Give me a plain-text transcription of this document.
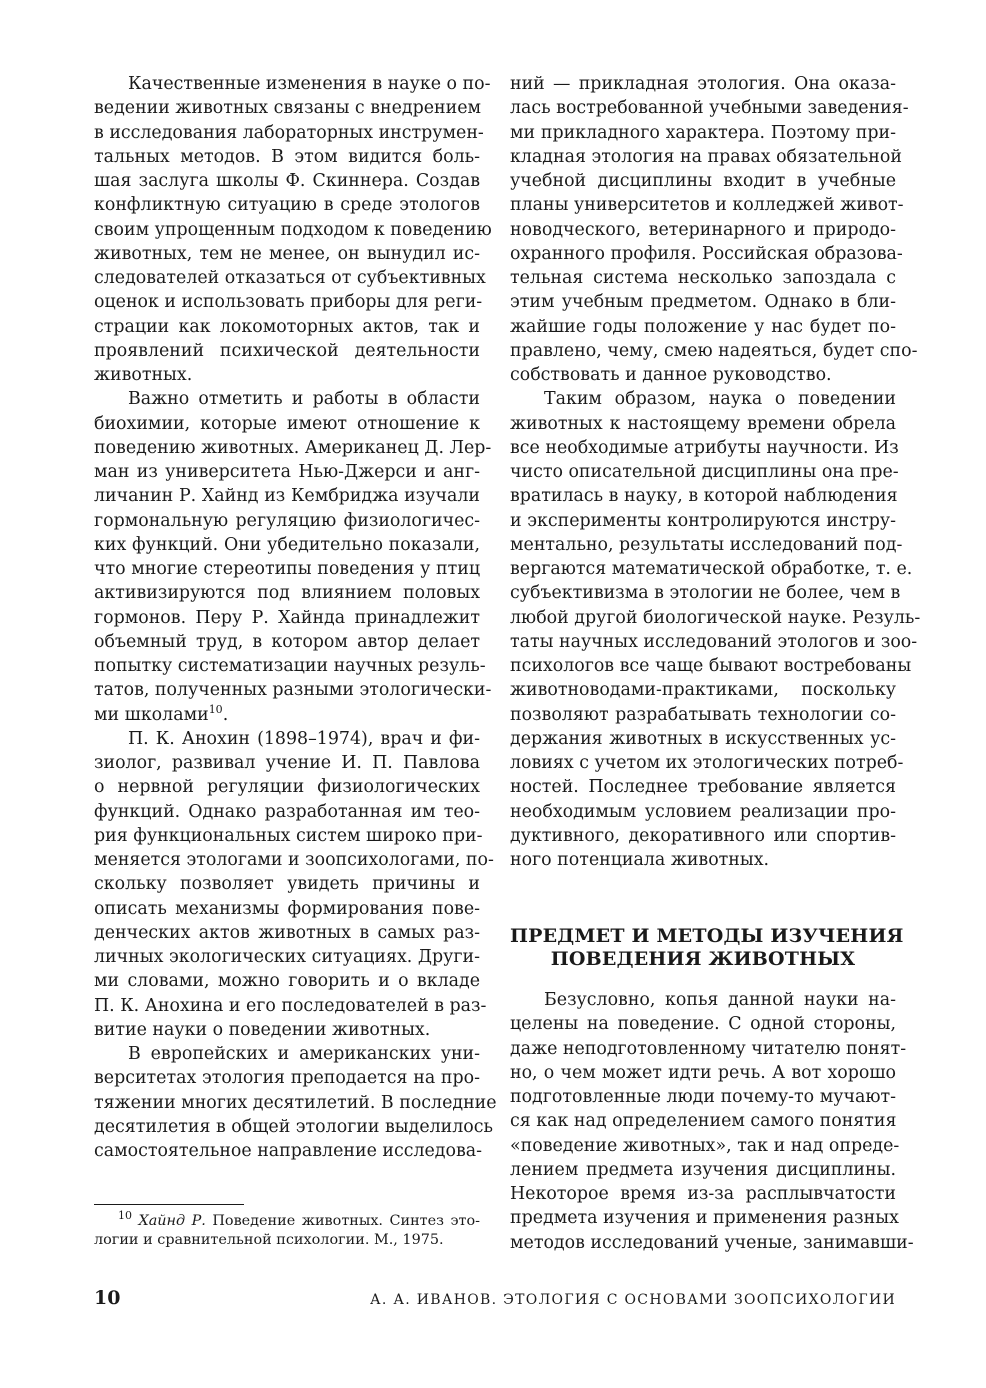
Качественные изменения в науке о по-
ведении животных связаны с внедрением
в исследования лабораторных инструмен-
тальных методов. В этом видится боль-
шая заслуга школы Ф. Скиннера. Создав
конфликтную ситуацию в среде этологов
своим упрощенным подходом к поведению
животных, тем не менее, он вынудил ис-
следователей отказаться от субъективных
оценок и использовать приборы для реги-
страции как локомоторных актов, так и
проявлений психической деятельности
животных.
Важно отметить и работы в области
биохимии, которые имеют отношение к
поведению животных. Американец Д. Лер-
ман из университета Нью-Джерси и анг-
личанин Р. Хайнд из Кембриджа изучали
гормональную регуляцию физиологичес-
ких функций. Они убедительно показали,
что многие стереотипы поведения у птиц
активизируются под влиянием половых
гормонов. Перу Р. Хайнда принадлежит
объемный труд, в котором автор делает
попытку систематизации научных резуль-
татов, полученных разными этологически-
ми школами$^{10}$.
П. К. Анохин (1898–1974), врач и фи-
зиолог, развивал учение И. П. Павлова
о нервной регуляции физиологических
функций. Однако разработанная им тео-
рия функциональных систем широко при-
меняется этологами и зоопсихологами, по-
скольку позволяет увидеть причины и
описать механизмы формирования пове-
денческих актов животных в самых раз-
личных экологических ситуациях. Други-
ми словами, можно говорить и о вкладе
П. К. Анохина и его последователей в раз-
витие науки о поведении животных.
В европейских и американских уни-
верситетах этология преподается на про-
тяжении многих десятилетий. В последние
десятилетия в общей этологии выделилось
самостоятельное направление исследова-
ний — прикладная этология. Она оказа-
лась востребованной учебными заведения-
ми прикладного характера. Поэтому при-
кладная этология на правах обязательной
учебной дисциплины входит в учебные
планы университетов и колледжей живот-
новодческого, ветеринарного и природо-
охранного профиля. Российская образова-
тельная система несколько запоздала с
этим учебным предметом. Однако в бли-
жайшие годы положение у нас будет по-
правлено, чему, смею надеяться, будет спо-
собствовать и данное руководство.
Таким образом, наука о поведении
животных к настоящему времени обрела
все необходимые атрибуты научности. Из
чисто описательной дисциплины она пре-
вратилась в науку, в которой наблюдения
и эксперименты контролируются инстру-
ментально, результаты исследований под-
вергаются математической обработке, т. е.
субъективизма в этологии не более, чем в
любой другой биологической науке. Резуль-
таты научных исследований этологов и зоо-
психологов все чаще бывают востребованы
животноводами-практиками, поскольку
позволяют разрабатывать технологии со-
держания животных в искусственных ус-
ловиях с учетом их этологических потреб-
ностей. Последнее требование является
необходимым условием реализации про-
дуктивного, декоративного или спортив-
ного потенциала животных.
ПРЕДМЕТ И МЕТОДЫ ИЗУЧЕНИЯ
ПОВЕДЕНИЯ ЖИВОТНЫХ
Безусловно, копья данной науки на-
целены на поведение. С одной стороны,
даже неподготовленному читателю понят-
но, о чем может идти речь. А вот хорошо
подготовленные люди почему-то мучают-
ся как над определением самого понятия
«поведение животных», так и над опреде-
лением предмета изучения дисциплины.
Некоторое время из-за расплывчатости
предмета изучения и применения разных
методов исследований ученые, занимавши-
$^{10}$ Хайнд Р. Поведение животных. Синтез это-
логии и сравнительной психологии. М., 1975.
10	А. А. ИВАНОВ. ЭТОЛОГИЯ С ОСНОВАМИ ЗООПСИХОЛОГИИ
